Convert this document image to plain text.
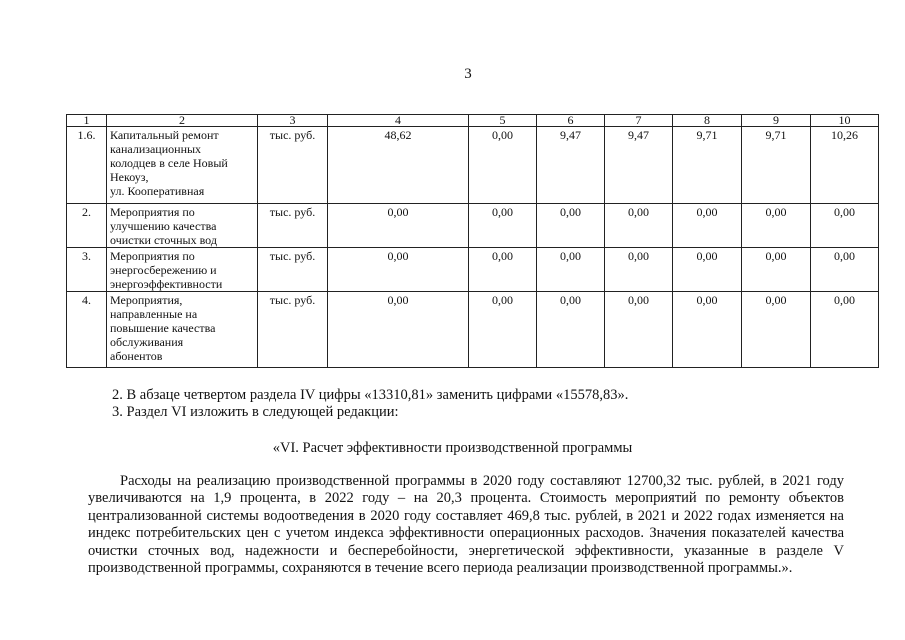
3
1	2	3	4	5	6	7	8	9	10
1.6.	Капитальный ремонт
канализационных
колодцев в селе Новый
Некоуз,
ул. Кооперативная	тыс. руб.	48,62	0,00	9,47	9,47	9,71	9,71	10,26
2.	Мероприятия по
улучшению качества
очистки сточных вод	тыс. руб.	0,00	0,00	0,00	0,00	0,00	0,00	0,00
3.	Мероприятия по
энергосбережению и
энергоэффективности	тыс. руб.	0,00	0,00	0,00	0,00	0,00	0,00	0,00
4.	Мероприятия,
направленные на
повышение качества
обслуживания
абонентов	тыс. руб.	0,00	0,00	0,00	0,00	0,00	0,00	0,00
2. В абзаце четвертом раздела IV цифры «13310,81» заменить цифрами «15578,83».
3. Раздел VI изложить в следующей редакции:
«VI. Расчет эффективности производственной программы

Расходы на реализацию производственной программы в 2020 году составляют 12700,32 тыс. рублей, в 2021 году увеличиваются на 1,9 процента, в 2022 году – на 20,3 процента. Стоимость мероприятий по ремонту объектов централизованной системы водоотведения в 2020 году составляет 469,8 тыс. рублей, в 2021 и 2022 годах изменяется на индекс потребительских цен с учетом индекса эффективности операционных расходов. Значения показателей качества очистки сточных вод, надежности и бесперебойности, энергетической эффективности, указанные в разделе V производственной программы, сохраняются в течение всего периода реализации производственной программы.».
